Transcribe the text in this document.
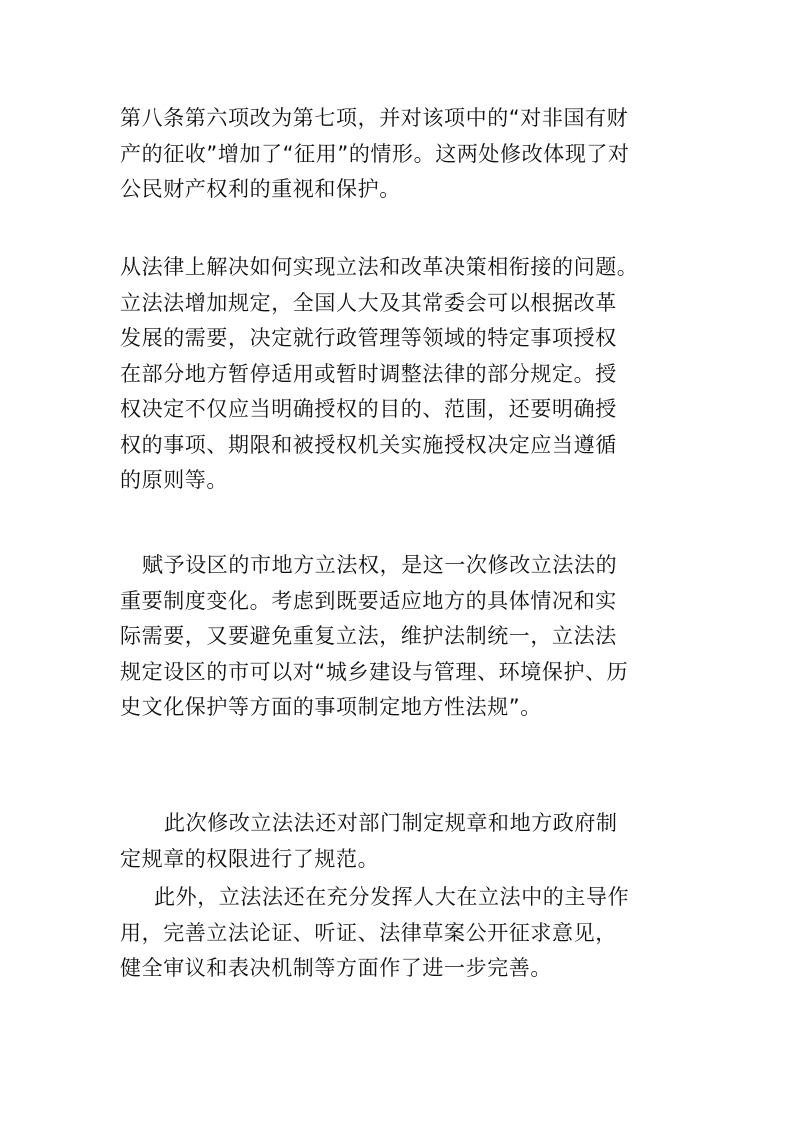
第八条第六项改为第七项，并对该项中的“对非国有财
产的征收”增加了“征用”的情形。这两处修改体现了对
公民财产权利的重视和保护。
从法律上解决如何实现立法和改革决策相衔接的问题。
立法法增加规定，全国人大及其常委会可以根据改革
发展的需要，决定就行政管理等领域的特定事项授权
在部分地方暂停适用或暂时调整法律的部分规定。授
权决定不仅应当明确授权的目的、范围，还要明确授
权的事项、期限和被授权机关实施授权决定应当遵循
的原则等。
赋予设区的市地方立法权，是这一次修改立法法的
重要制度变化。考虑到既要适应地方的具体情况和实
际需要，又要避免重复立法，维护法制统一，立法法
规定设区的市可以对“城乡建设与管理、环境保护、历
史文化保护等方面的事项制定地方性法规”。
此次修改立法法还对部门制定规章和地方政府制
定规章的权限进行了规范。
此外，立法法还在充分发挥人大在立法中的主导作
用，完善立法论证、听证、法律草案公开征求意见，
健全审议和表决机制等方面作了进一步完善。
